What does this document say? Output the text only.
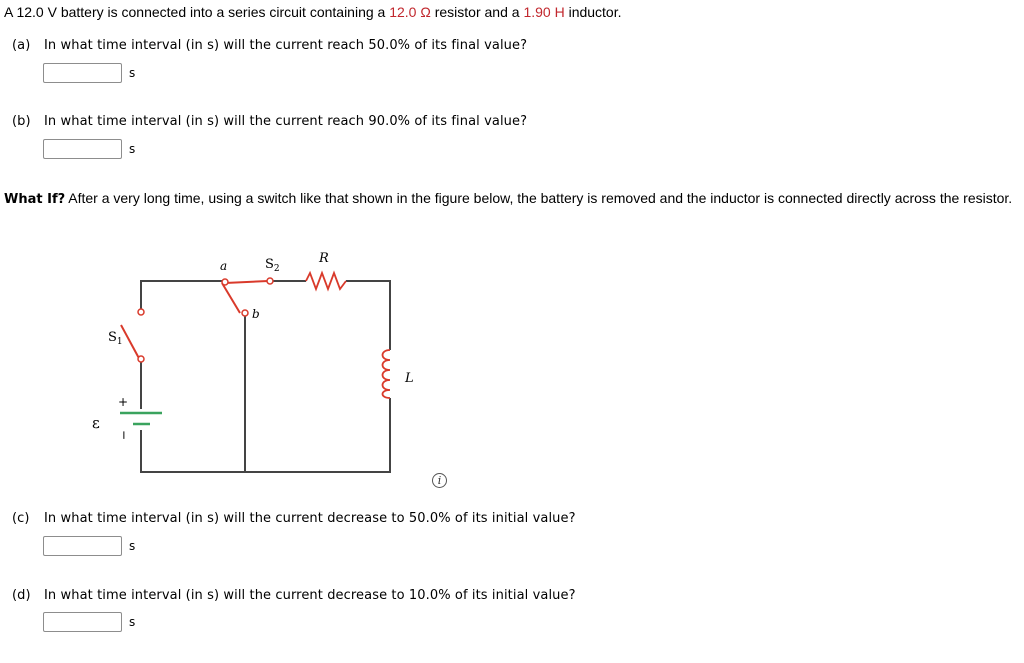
A 12.0 V battery is connected into a series circuit containing a 12.0 Ω resistor and a 1.90 H inductor.
(a) In what time interval (in s) will the current reach 50.0% of its final value?
s
(b) In what time interval (in s) will the current reach 90.0% of its final value?
s
What If? After a very long time, using a switch like that shown in the figure below, the battery is removed and the inductor is connected directly across the resistor.
a
b
$S_2$
R
L
$S_1$
+
−
ε
i
(c) In what time interval (in s) will the current decrease to 50.0% of its initial value?
s
(d) In what time interval (in s) will the current decrease to 10.0% of its initial value?
s
